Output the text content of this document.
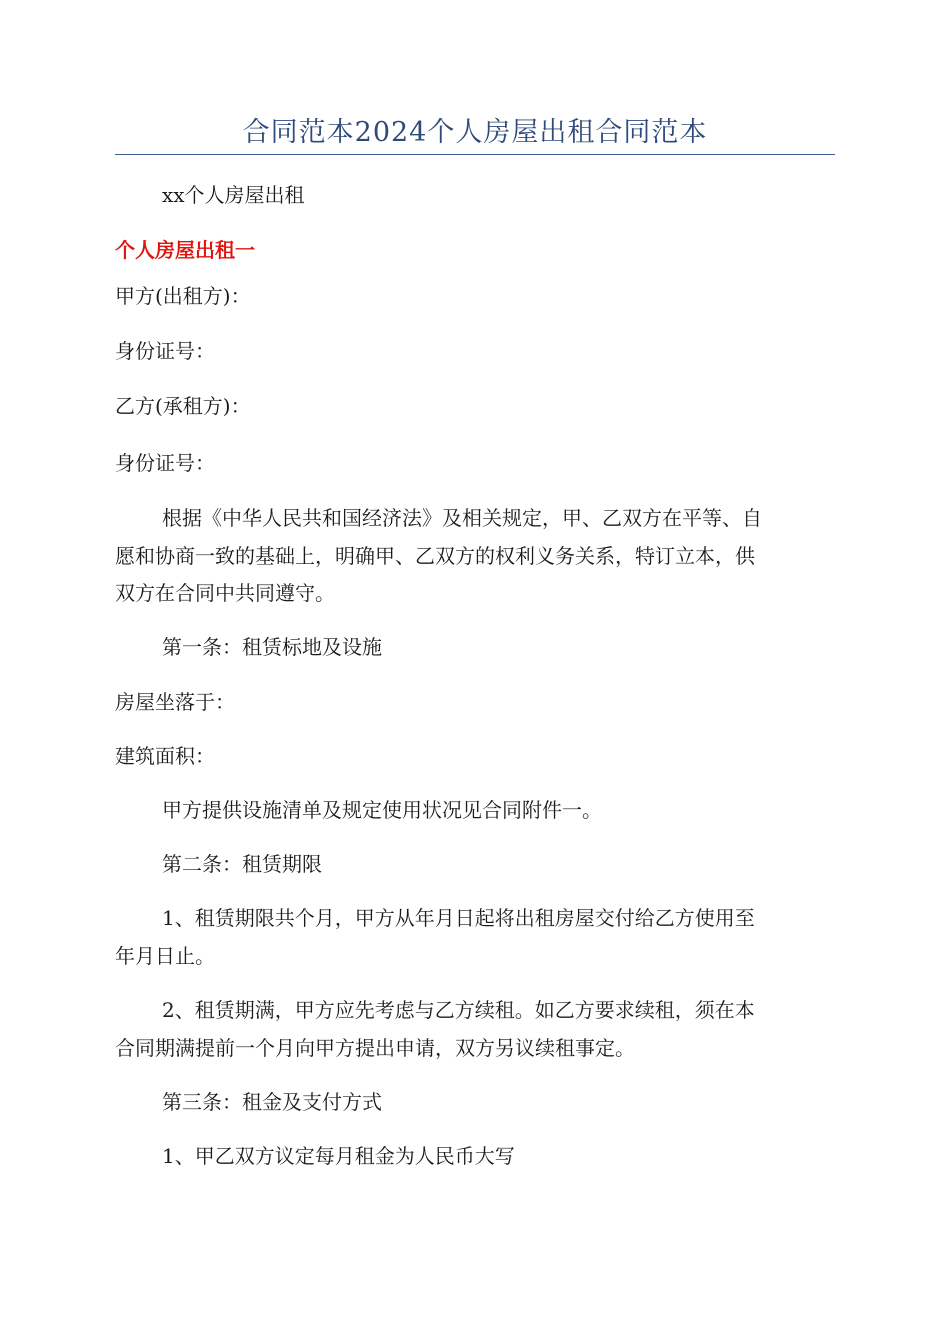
合同范本2024个人房屋出租合同范本
xx个人房屋出租
个人房屋出租一
甲方(出租方)：
身份证号：
乙方(承租方)：
身份证号：
根据《中华人民共和国经济法》及相关规定，甲、乙双方在平等、自
愿和协商一致的基础上，明确甲、乙双方的权利义务关系，特订立本，供
双方在合同中共同遵守。
第一条：租赁标地及设施
房屋坐落于：
建筑面积：
甲方提供设施清单及规定使用状况见合同附件一。
第二条：租赁期限
1、租赁期限共个月，甲方从年月日起将出租房屋交付给乙方使用至
年月日止。
2、租赁期满，甲方应先考虑与乙方续租。如乙方要求续租，须在本
合同期满提前一个月向甲方提出申请，双方另议续租事定。
第三条：租金及支付方式
1、甲乙双方议定每月租金为人民币大写
